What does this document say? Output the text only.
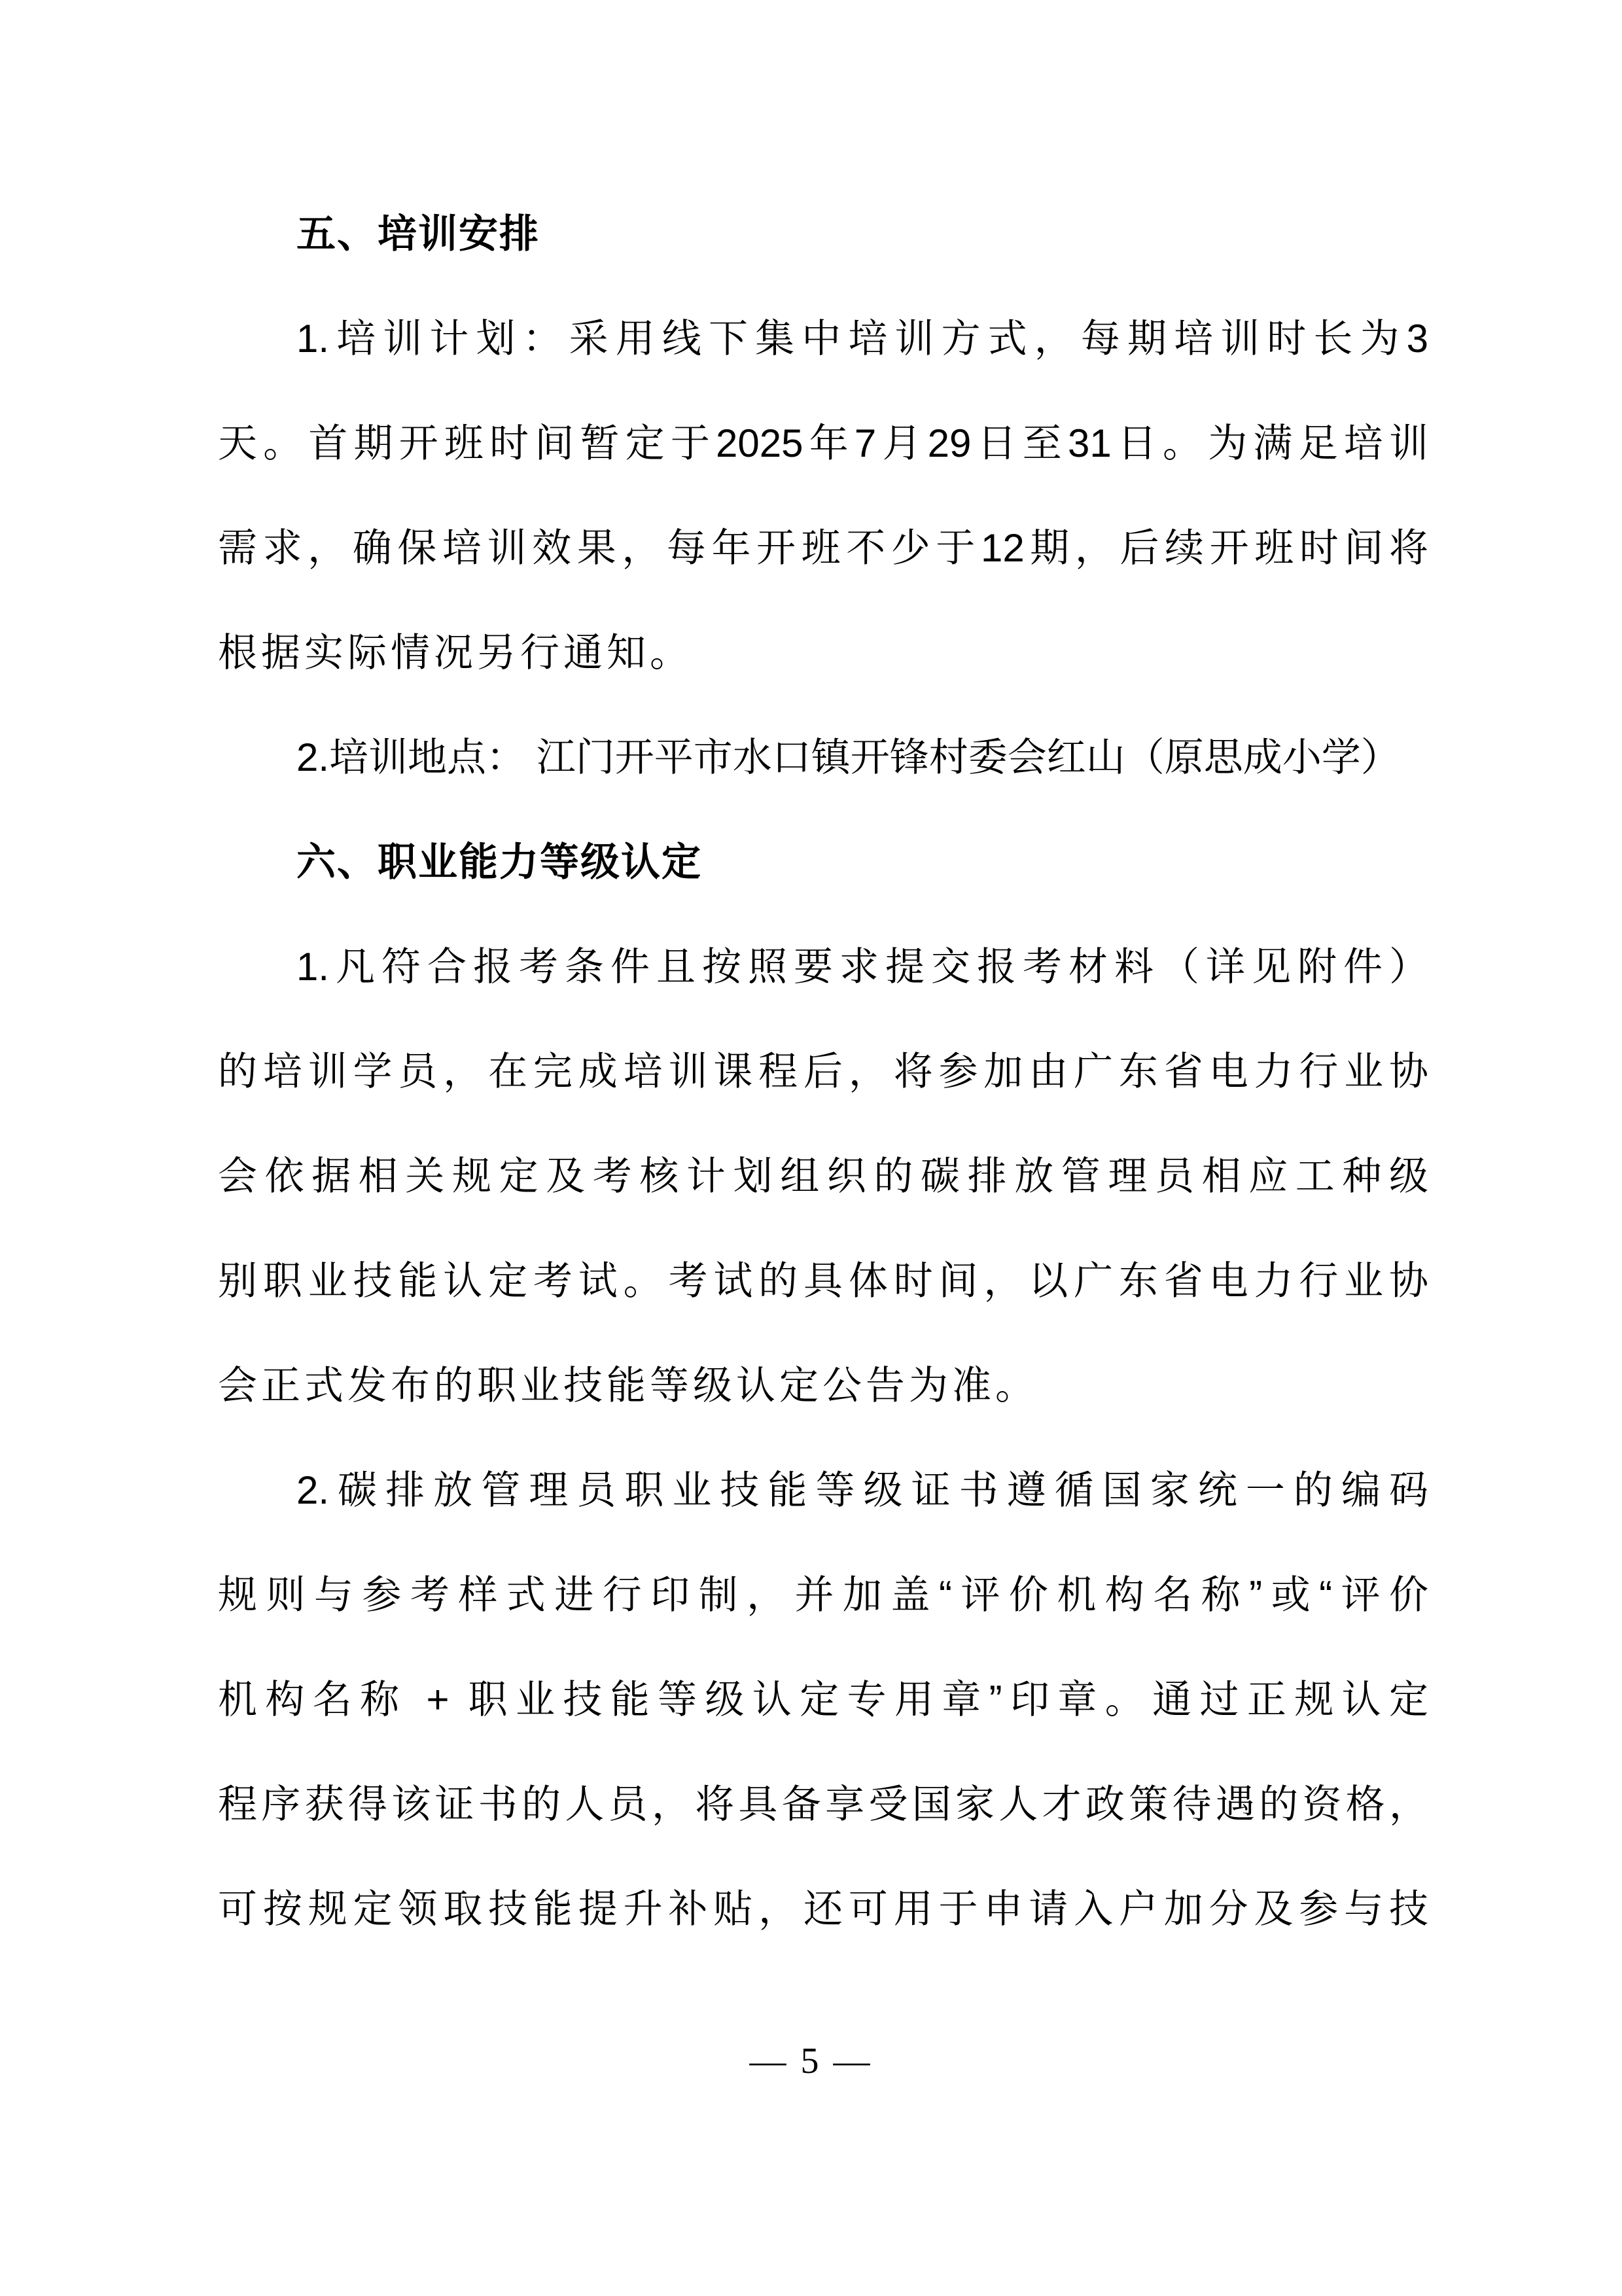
五、培训安排
1.培训计划：采用线下集中培训方式，每期培训时长为3
天。首期开班时间暂定于2025年7月29日至31日。为满足培训
需求，确保培训效果，每年开班不少于12期，后续开班时间将
根据实际情况另行通知。
2.培训地点： 江门开平市水口镇开锋村委会红山（原思成小学）
六、职业能力等级认定
1.凡符合报考条件且按照要求提交报考材料（详见附件）
的培训学员，在完成培训课程后，将参加由广东省电力行业协
会依据相关规定及考核计划组织的碳排放管理员相应工种级
别职业技能认定考试。考试的具体时间，以广东省电力行业协
会正式发布的职业技能等级认定公告为准。
2.碳排放管理员职业技能等级证书遵循国家统一的编码
规则与参考样式进行印制，并加盖“评价机构名称”或“评价
机构名称 + 职业技能等级认定专用章”印章。通过正规认定
程序获得该证书的人员，将具备享受国家人才政策待遇的资格，
可按规定领取技能提升补贴，还可用于申请入户加分及参与技
— 5 —
